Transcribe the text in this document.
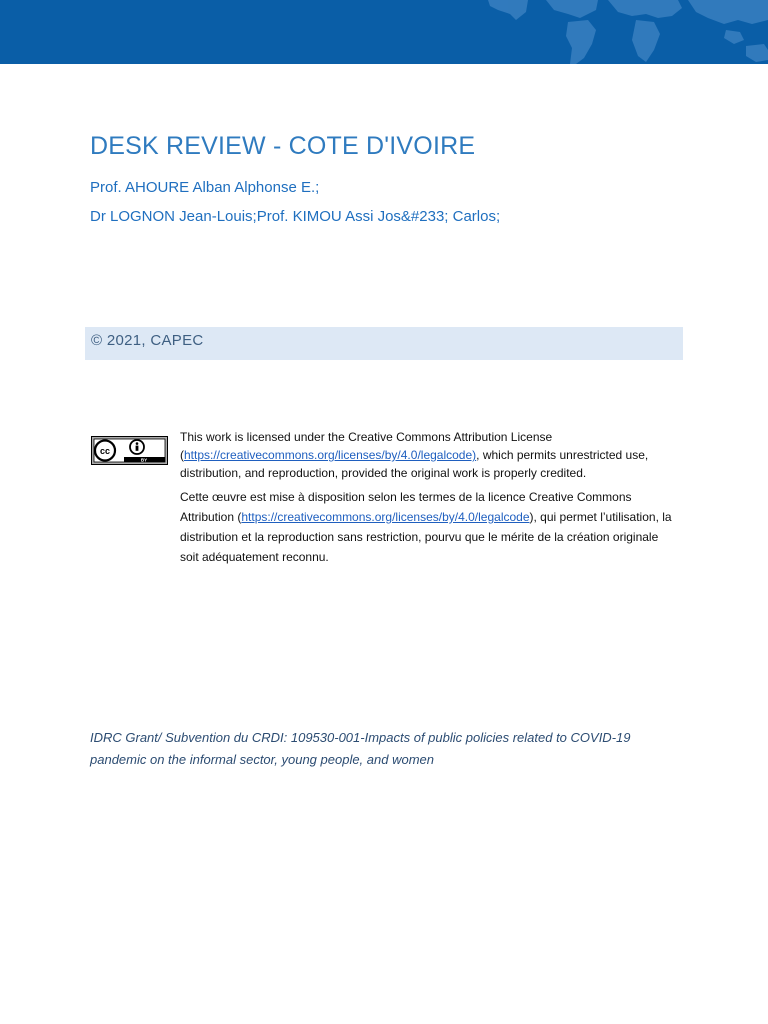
DESK REVIEW - COTE D'IVOIRE
Prof. AHOURE Alban Alphonse E.;
Dr LOGNON Jean-Louis;Prof. KIMOU Assi Jos&#233; Carlos;
© 2021, CAPEC
cc
BY
This work is licensed under the Creative Commons Attribution License (https://creativecommons.org/licenses/by/4.0/legalcode), which permits unrestricted use, distribution, and reproduction, provided the original work is properly credited.
Cette œuvre est mise à disposition selon les termes de la licence Creative Commons Attribution (https://creativecommons.org/licenses/by/4.0/legalcode), qui permet l’utilisation, la distribution et la reproduction sans restriction, pourvu que le mérite de la création originale soit adéquatement reconnu.
IDRC Grant/ Subvention du CRDI: 109530-001-Impacts of public policies related to COVID-19 pandemic on the informal sector, young people, and women
